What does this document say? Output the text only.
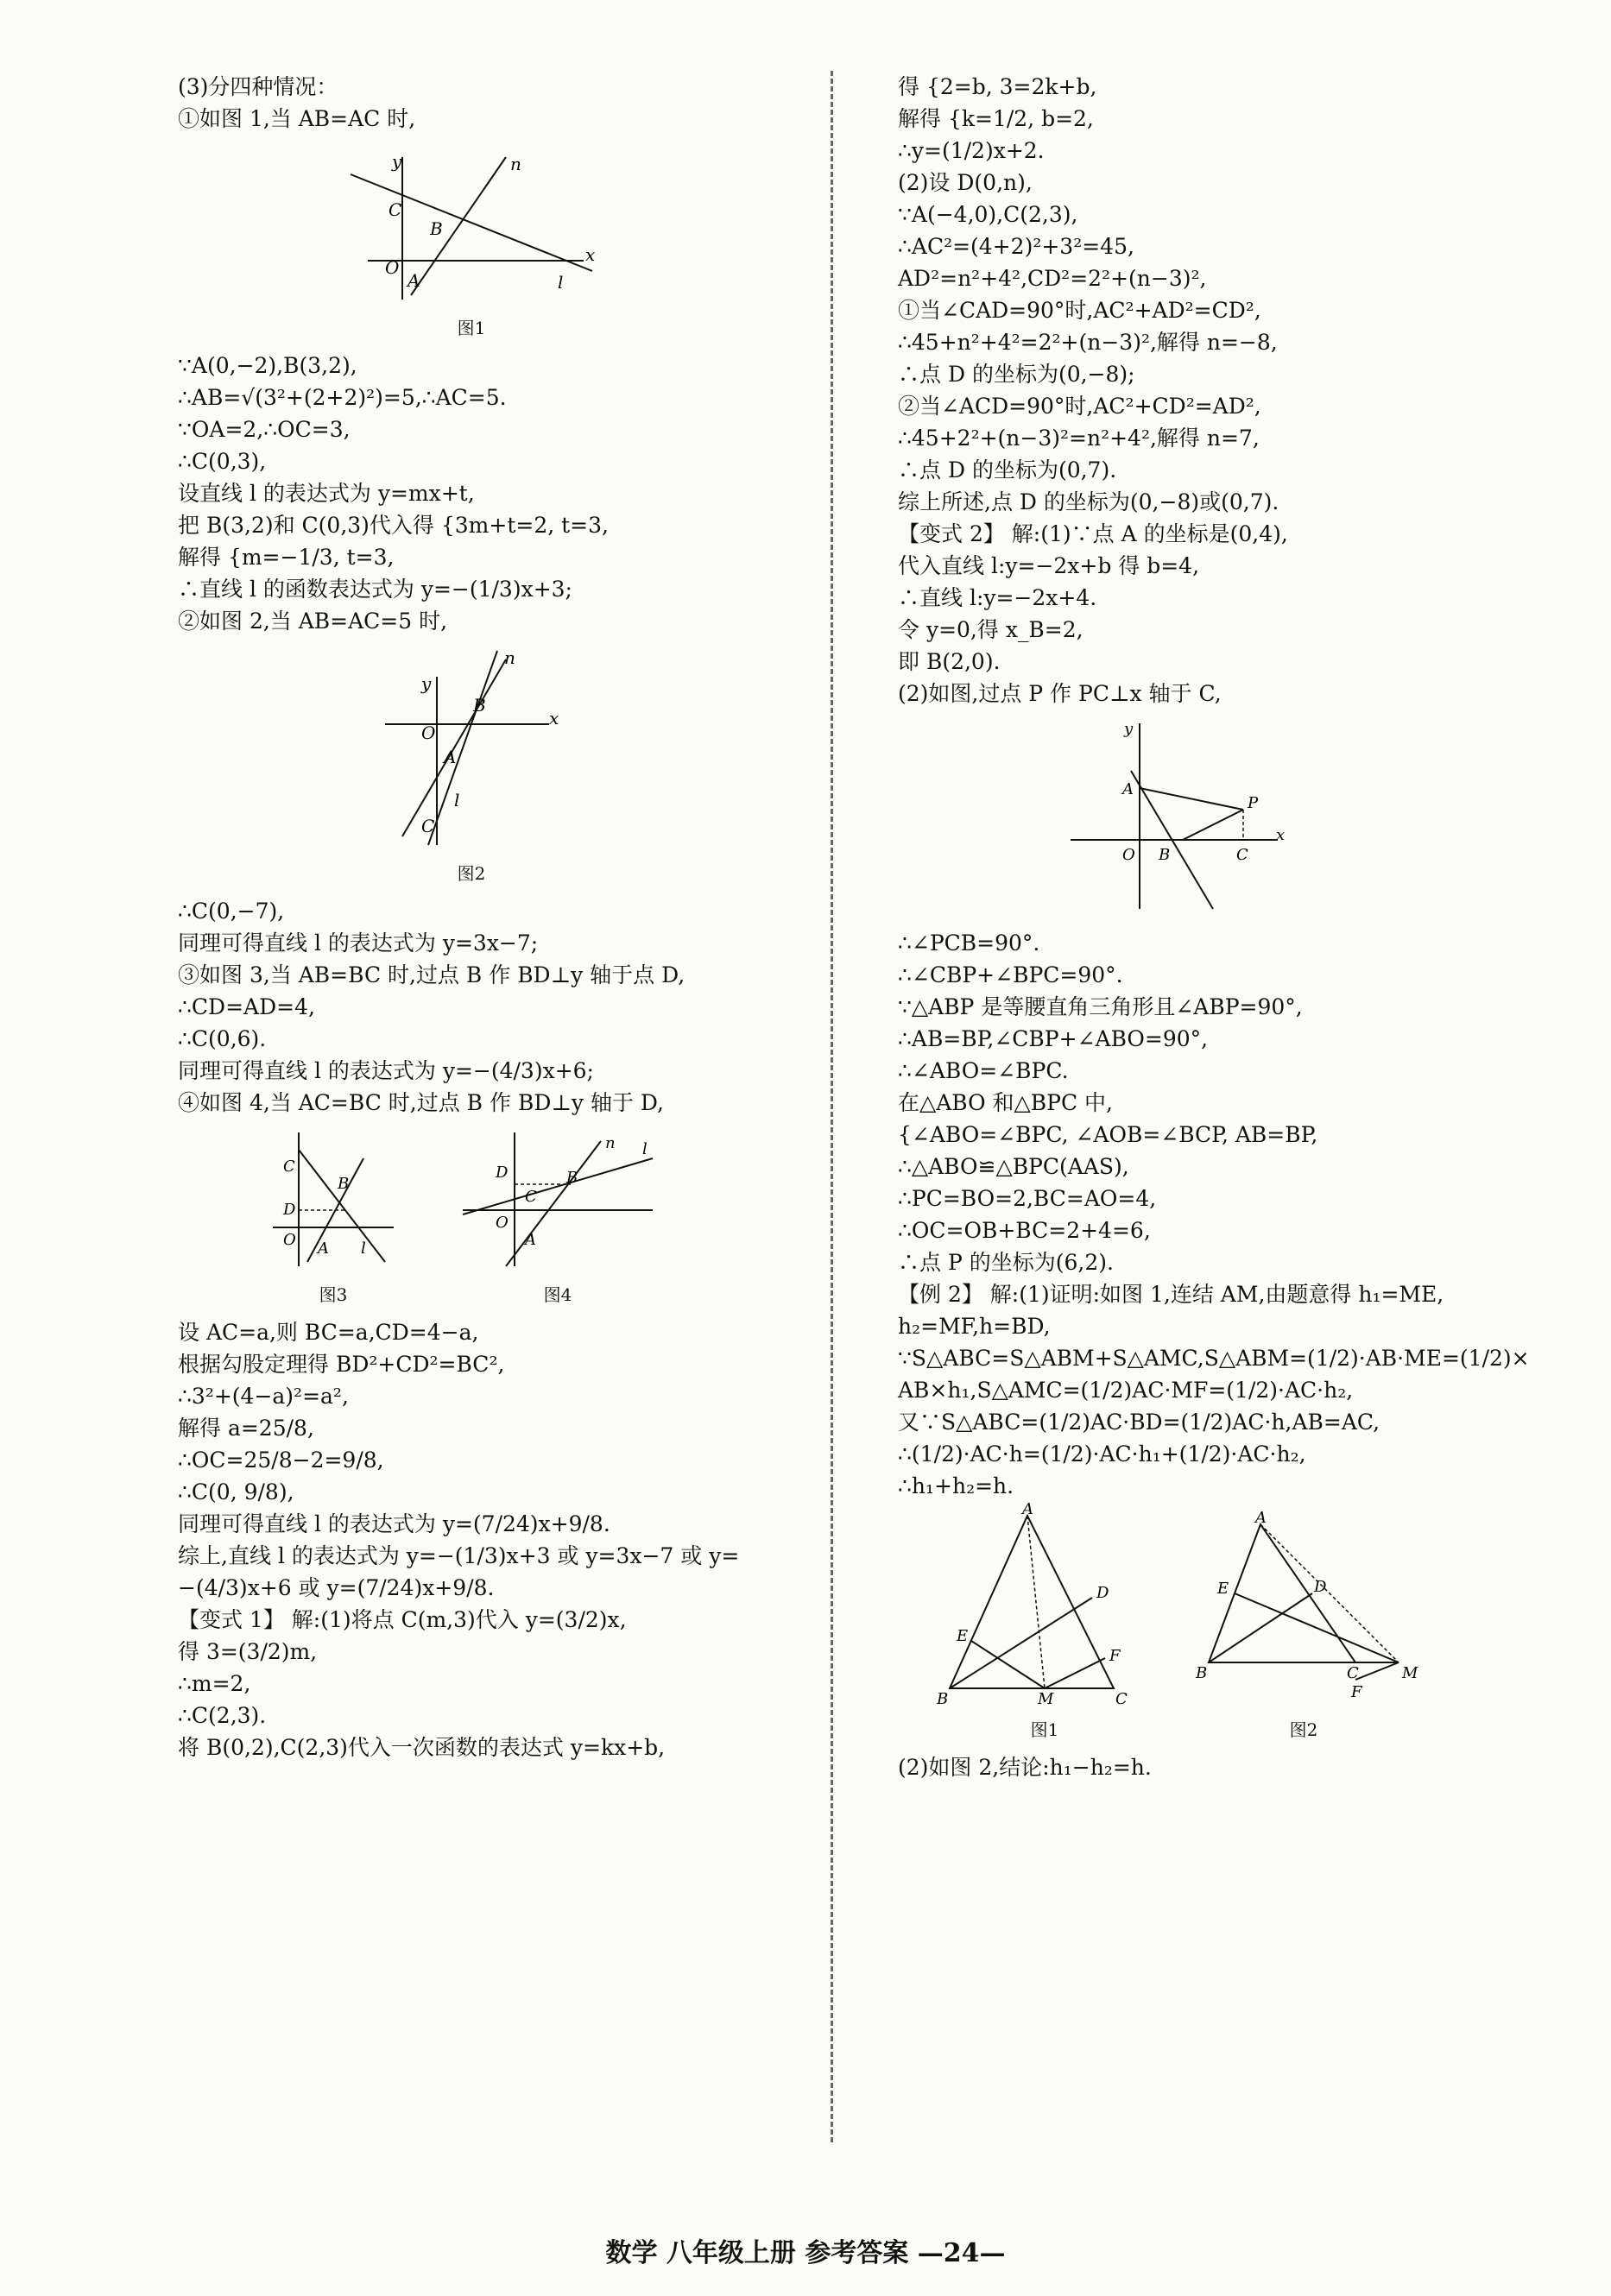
(3)分四种情况：
①如图 1,当 AB=AC 时,
y
x
n
l
C
B
O
A
图1
∵A(0,−2),B(3,2),
∴AB=√(3²+(2+2)²)=5,∴AC=5.
∵OA=2,∴OC=3,
∴C(0,3),
设直线 l 的表达式为 y=mx+t,
把 B(3,2)和 C(0,3)代入得 {3m+t=2, t=3,
解得 {m=−1/3, t=3,
∴直线 l 的函数表达式为 y=−(1/3)x+3;
②如图 2,当 AB=AC=5 时,
y
x
n
B
O
A
l
C
图2
∴C(0,−7),
同理可得直线 l 的表达式为 y=3x−7;
③如图 3,当 AB=BC 时,过点 B 作 BD⊥y 轴于点 D,
∴CD=AD=4,
∴C(0,6).
同理可得直线 l 的表达式为 y=−(4/3)x+6;
④如图 4,当 AC=BC 时,过点 B 作 BD⊥y 轴于 D,
C
B
D
O A l
图3
D	B
C
O
A
n l
图4
设 AC=a,则 BC=a,CD=4−a,
根据勾股定理得 BD²+CD²=BC²,
∴3²+(4−a)²=a²,
解得 a=25/8,
∴OC=25/8−2=9/8,
∴C(0, 9/8),
同理可得直线 l 的表达式为 y=(7/24)x+9/8.
综上,直线 l 的表达式为 y=−(1/3)x+3 或 y=3x−7 或 y=
−(4/3)x+6 或 y=(7/24)x+9/8.
【变式 1】 解:(1)将点 C(m,3)代入 y=(3/2)x,
得 3=(3/2)m,
∴m=2,
∴C(2,3).
将 B(0,2),C(2,3)代入一次函数的表达式 y=kx+b,
得 {2=b, 3=2k+b,
解得 {k=1/2, b=2,
∴y=(1/2)x+2.
(2)设 D(0,n),
∵A(−4,0),C(2,3),
∴AC²=(4+2)²+3²=45,
AD²=n²+4²,CD²=2²+(n−3)²,
①当∠CAD=90°时,AC²+AD²=CD²,
∴45+n²+4²=2²+(n−3)²,解得 n=−8,
∴点 D 的坐标为(0,−8);
②当∠ACD=90°时,AC²+CD²=AD²,
∴45+2²+(n−3)²=n²+4²,解得 n=7,
∴点 D 的坐标为(0,7).
综上所述,点 D 的坐标为(0,−8)或(0,7).
【变式 2】 解:(1)∵点 A 的坐标是(0,4),
代入直线 l:y=−2x+b 得 b=4,
∴直线 l:y=−2x+4.
令 y=0,得 x_B=2,
即 B(2,0).
(2)如图,过点 P 作 PC⊥x 轴于 C,
y
x
A
P
O B	C
∴∠PCB=90°.
∴∠CBP+∠BPC=90°.
∵△ABP 是等腰直角三角形且∠ABP=90°,
∴AB=BP,∠CBP+∠ABO=90°,
∴∠ABO=∠BPC.
在△ABO 和△BPC 中,
{∠ABO=∠BPC, ∠AOB=∠BCP, AB=BP,
∴△ABO≌△BPC(AAS),
∴PC=BO=2,BC=AO=4,
∴OC=OB+BC=2+4=6,
∴点 P 的坐标为(6,2).
【例 2】 解:(1)证明:如图 1,连结 AM,由题意得 h₁=ME, h₂=MF,h=BD,
∵S△ABC=S△ABM+S△AMC,S△ABM=(1/2)·AB·ME=(1/2)× AB×h₁,S△AMC=(1/2)AC·MF=(1/2)·AC·h₂,
又∵S△ABC=(1/2)AC·BD=(1/2)AC·h,AB=AC,
∴(1/2)·AC·h=(1/2)·AC·h₁+(1/2)·AC·h₂,
∴h₁+h₂=h.
A
D
E
F
B	M	C
图1
A
E	D
B	C	M
F
图2
(2)如图 2,结论:h₁−h₂=h.
数学 八年级上册 参考答案 —24—
